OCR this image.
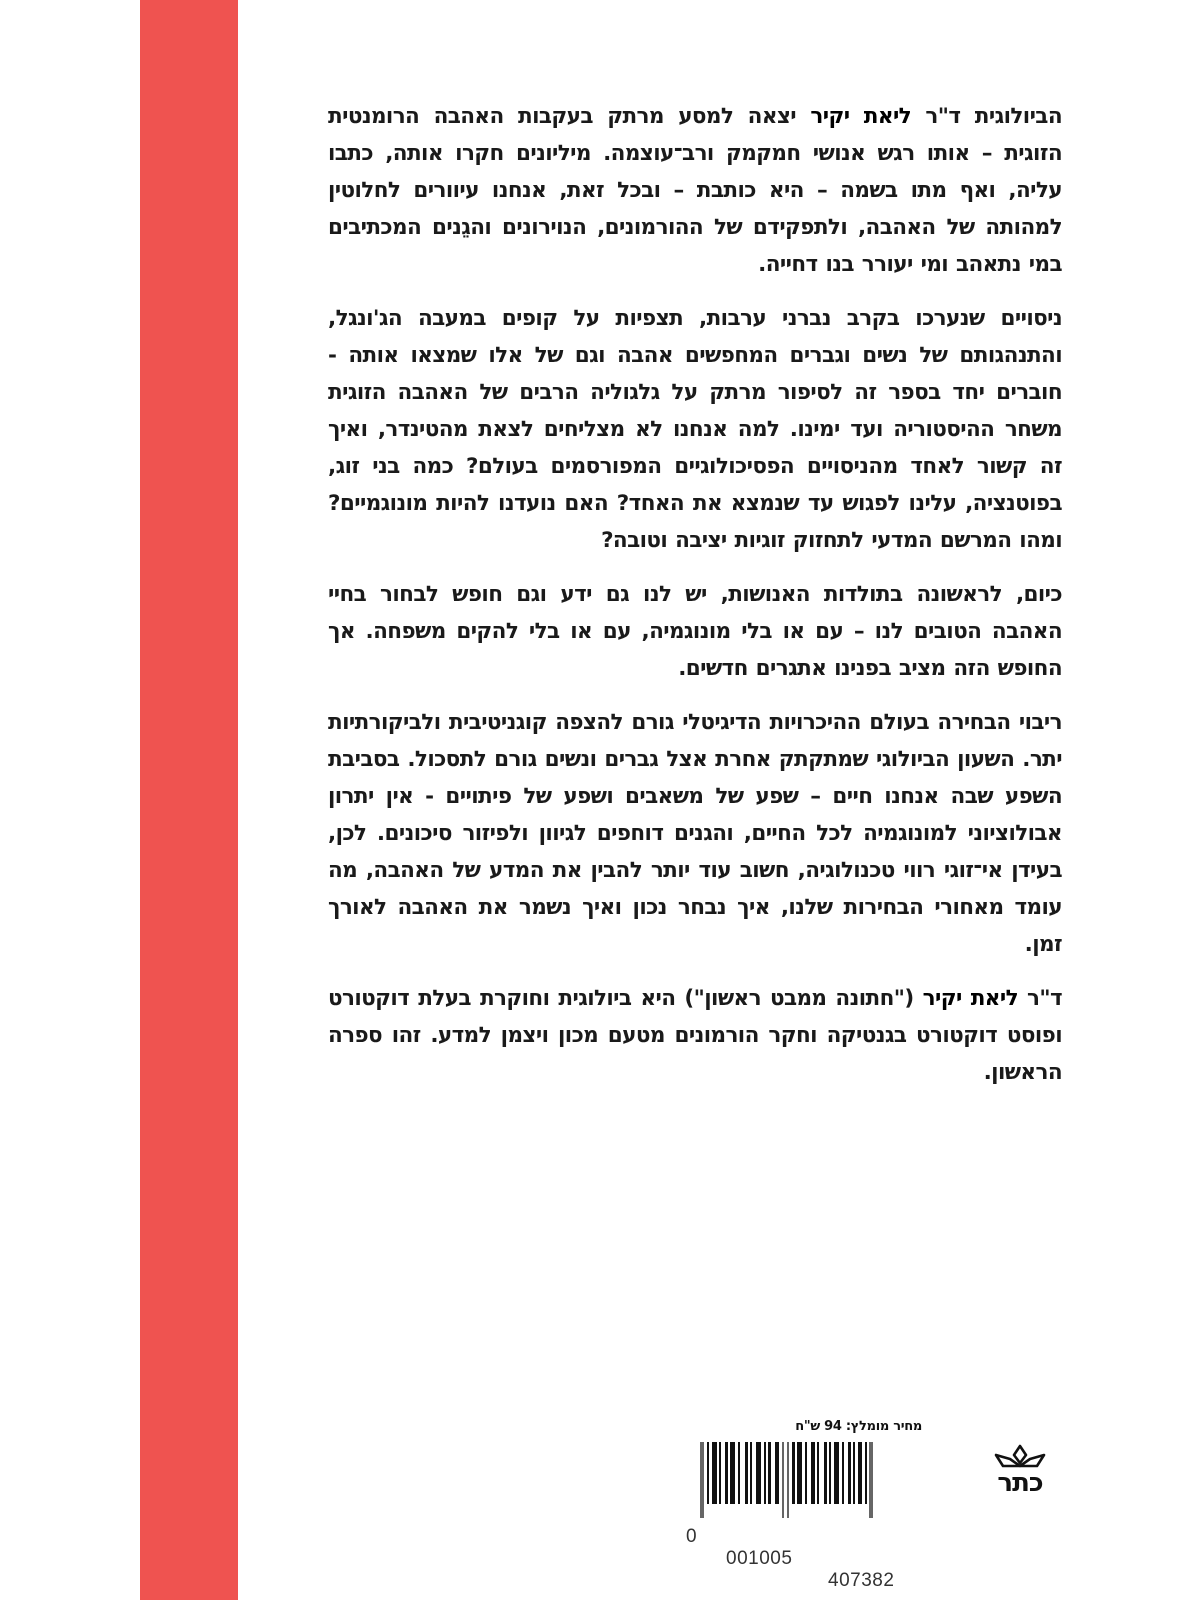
הביולוגית ד"ר ליאת יקיר יצאה למסע מרתק בעקבות האהבה הרומנטית הזוגית – אותו רגש אנושי חמקמק ורב־עוצמה. מיליונים חקרו אותה, כתבו עליה, ואף מתו בשמה – היא כותבת – ובכל זאת, אנחנו עיוורים לחלוטין למהותה של האהבה, ולתפקידם של ההורמונים, הנוירונים והגֵנים המכתיבים במי נתאהב ומי יעורר בנו דחייה.

ניסויים שנערכו בקרב נברני ערבות, תצפיות על קופים במעבה הג'ונגל, והתנהגותם של נשים וגברים המחפשים אהבה וגם של אלו שמצאו אותה - חוברים יחד בספר זה לסיפור מרתק על גלגוליה הרבים של האהבה הזוגית משחר ההיסטוריה ועד ימינו. למה אנחנו לא מצליחים לצאת מהטינדר, ואיך זה קשור לאחד מהניסויים הפסיכולוגיים המפורסמים בעולם? כמה בני זוג, בפוטנציה, עלינו לפגוש עד שנמצא את האחד? האם נועדנו להיות מונוגמיים? ומהו המרשם המדעי לתחזוק זוגיות יציבה וטובה?

כיום, לראשונה בתולדות האנושות, יש לנו גם ידע וגם חופש לבחור בחיי האהבה הטובים לנו – עם או בלי מונוגמיה, עם או בלי להקים משפחה. אך החופש הזה מציב בפנינו אתגרים חדשים.

ריבוי הבחירה בעולם ההיכרויות הדיגיטלי גורם להצפה קוגניטיבית ולביקורתיות יתר. השעון הביולוגי שמתקתק אחרת אצל גברים ונשים גורם לתסכול. בסביבת השפע שבה אנחנו חיים – שפע של משאבים ושפע של פיתויים - אין יתרון אבולוציוני למונוגמיה לכל החיים, והגנים דוחפים לגיוון ולפיזור סיכונים. לכן, בעידן אי־זוגי רווי טכנולוגיה, חשוב עוד יותר להבין את המדע של האהבה, מה עומד מאחורי הבחירות שלנו, איך נבחר נכון ואיך נשמר את האהבה לאורך זמן.

ד"ר ליאת יקיר ("חתונה ממבט ראשון") היא ביולוגית וחוקרת בעלת דוקטורט ופוסט דוקטורט בגנטיקה וחקר הורמונים מטעם מכון ויצמן למדע. זהו ספרה הראשון.

מחיר מומלץ: 94 ש"ח

0

001005

407382

כתר
